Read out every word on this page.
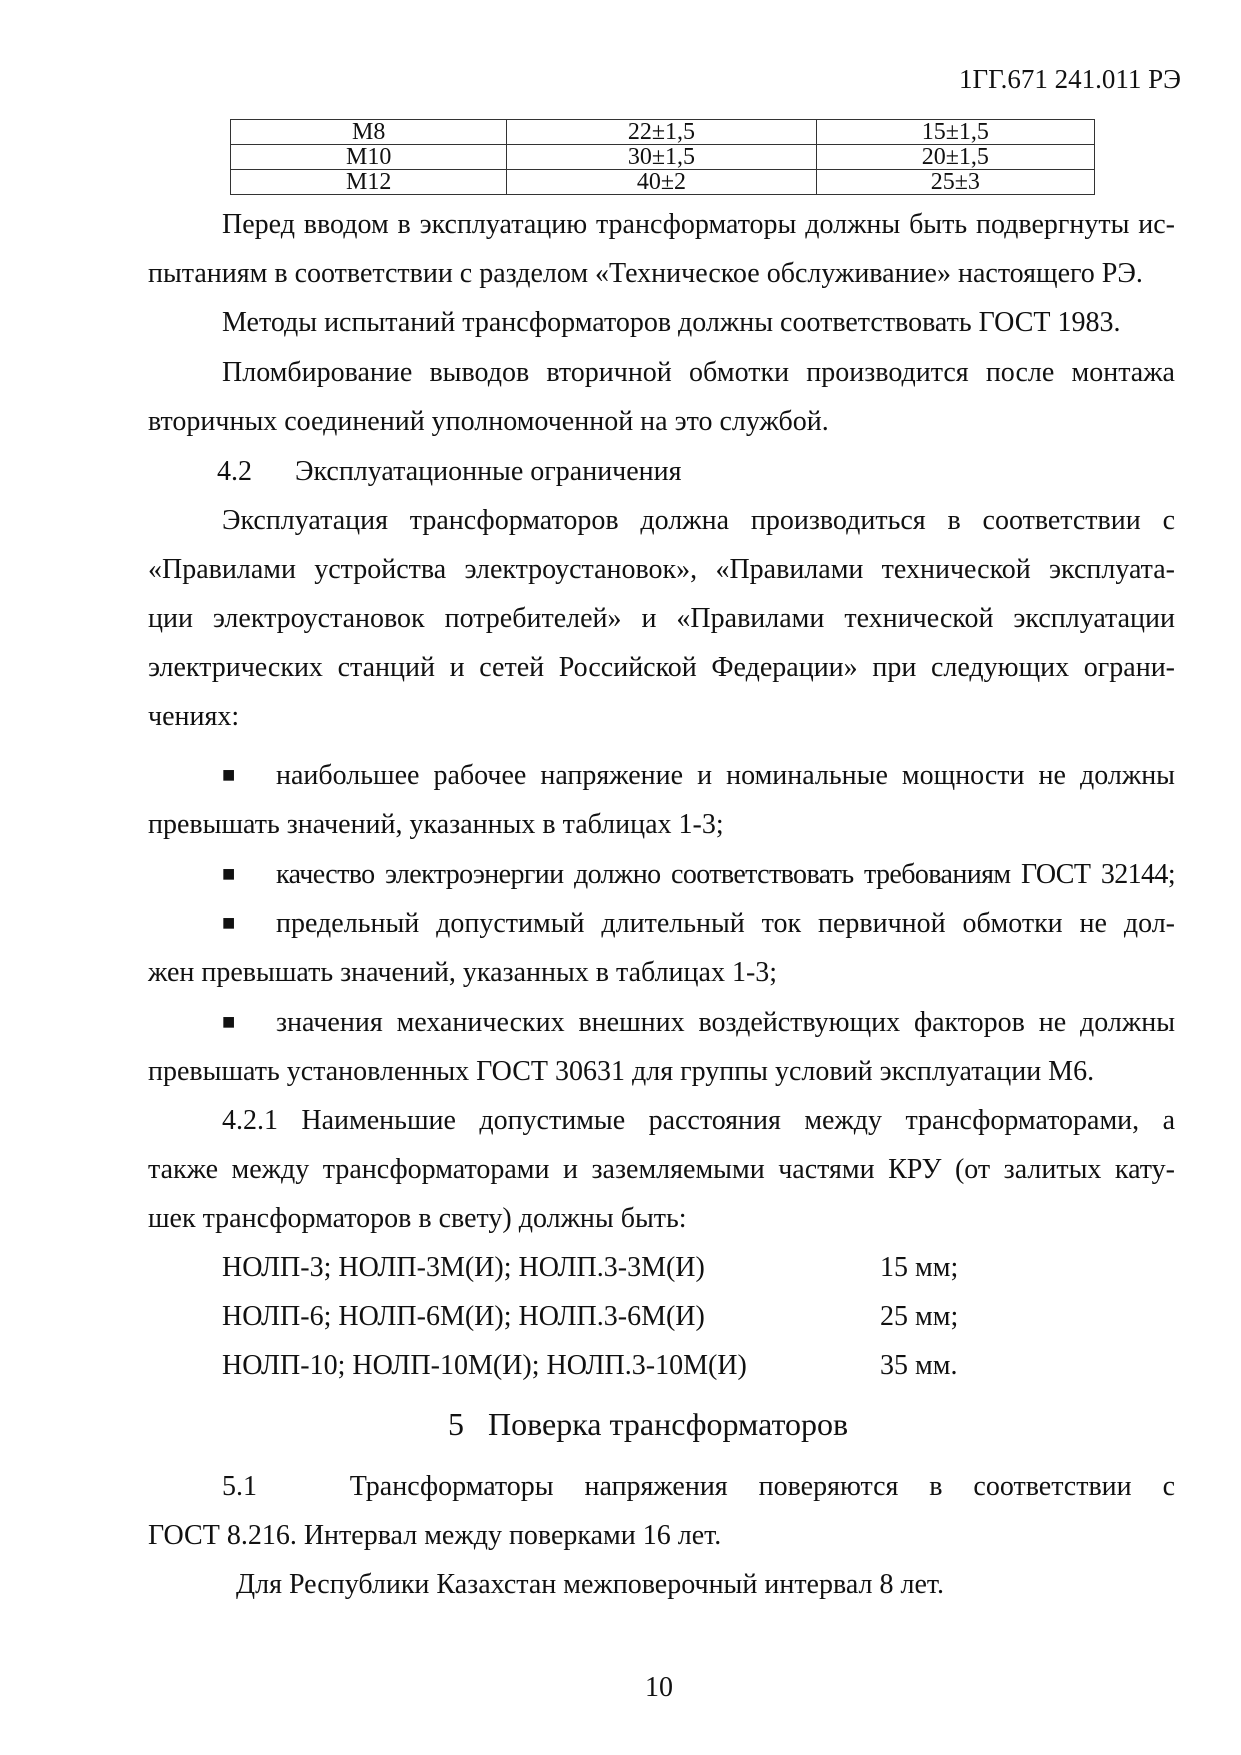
1ГГ.671 241.011 РЭ
М8	22±1,5	15±1,5
М10	30±1,5	20±1,5
М12	40±2	25±3
Перед вводом в эксплуатацию трансформаторы должны быть подвергнуты ис-
пытаниям в соответствии с разделом «Техническое обслуживание» настоящего РЭ.
Методы испытаний трансформаторов должны соответствовать ГОСТ 1983.
Пломбирование выводов вторичной обмотки производится после монтажа
вторичных соединений уполномоченной на это службой.
4.2 Эксплуатационные ограничения
Эксплуатация трансформаторов должна производиться в соответствии с
«Правилами устройства электроустановок», «Правилами технической эксплуата-
ции электроустановок потребителей» и «Правилами технической эксплуатации
электрических станций и сетей Российской Федерации» при следующих ограни-
чениях:
■	наибольшее рабочее напряжение и номинальные мощности не должны
превышать значений, указанных в таблицах 1-3;
■	качество электроэнергии должно соответствовать требованиям ГОСТ 32144;
■	предельный допустимый длительный ток первичной обмотки не дол-
жен превышать значений, указанных в таблицах 1-3;
■	значения механических внешних воздействующих факторов не должны
превышать установленных ГОСТ 30631 для группы условий эксплуатации М6.
4.2.1 Наименьшие допустимые расстояния между трансформаторами, а
также между трансформаторами и заземляемыми частями КРУ (от залитых кату-
шек трансформаторов в свету) должны быть:
НОЛП-3; НОЛП-3М(И); НОЛП.3-3М(И)	15 мм;
НОЛП-6; НОЛП-6М(И); НОЛП.3-6М(И)	25 мм;
НОЛП-10; НОЛП-10М(И); НОЛП.3-10М(И)	35 мм.
5   Поверка трансформаторов
5.1   Трансформаторы напряжения поверяются в соответствии с
ГОСТ 8.216. Интервал между поверками 16 лет.
Для Республики Казахстан межповерочный интервал 8 лет.
10
